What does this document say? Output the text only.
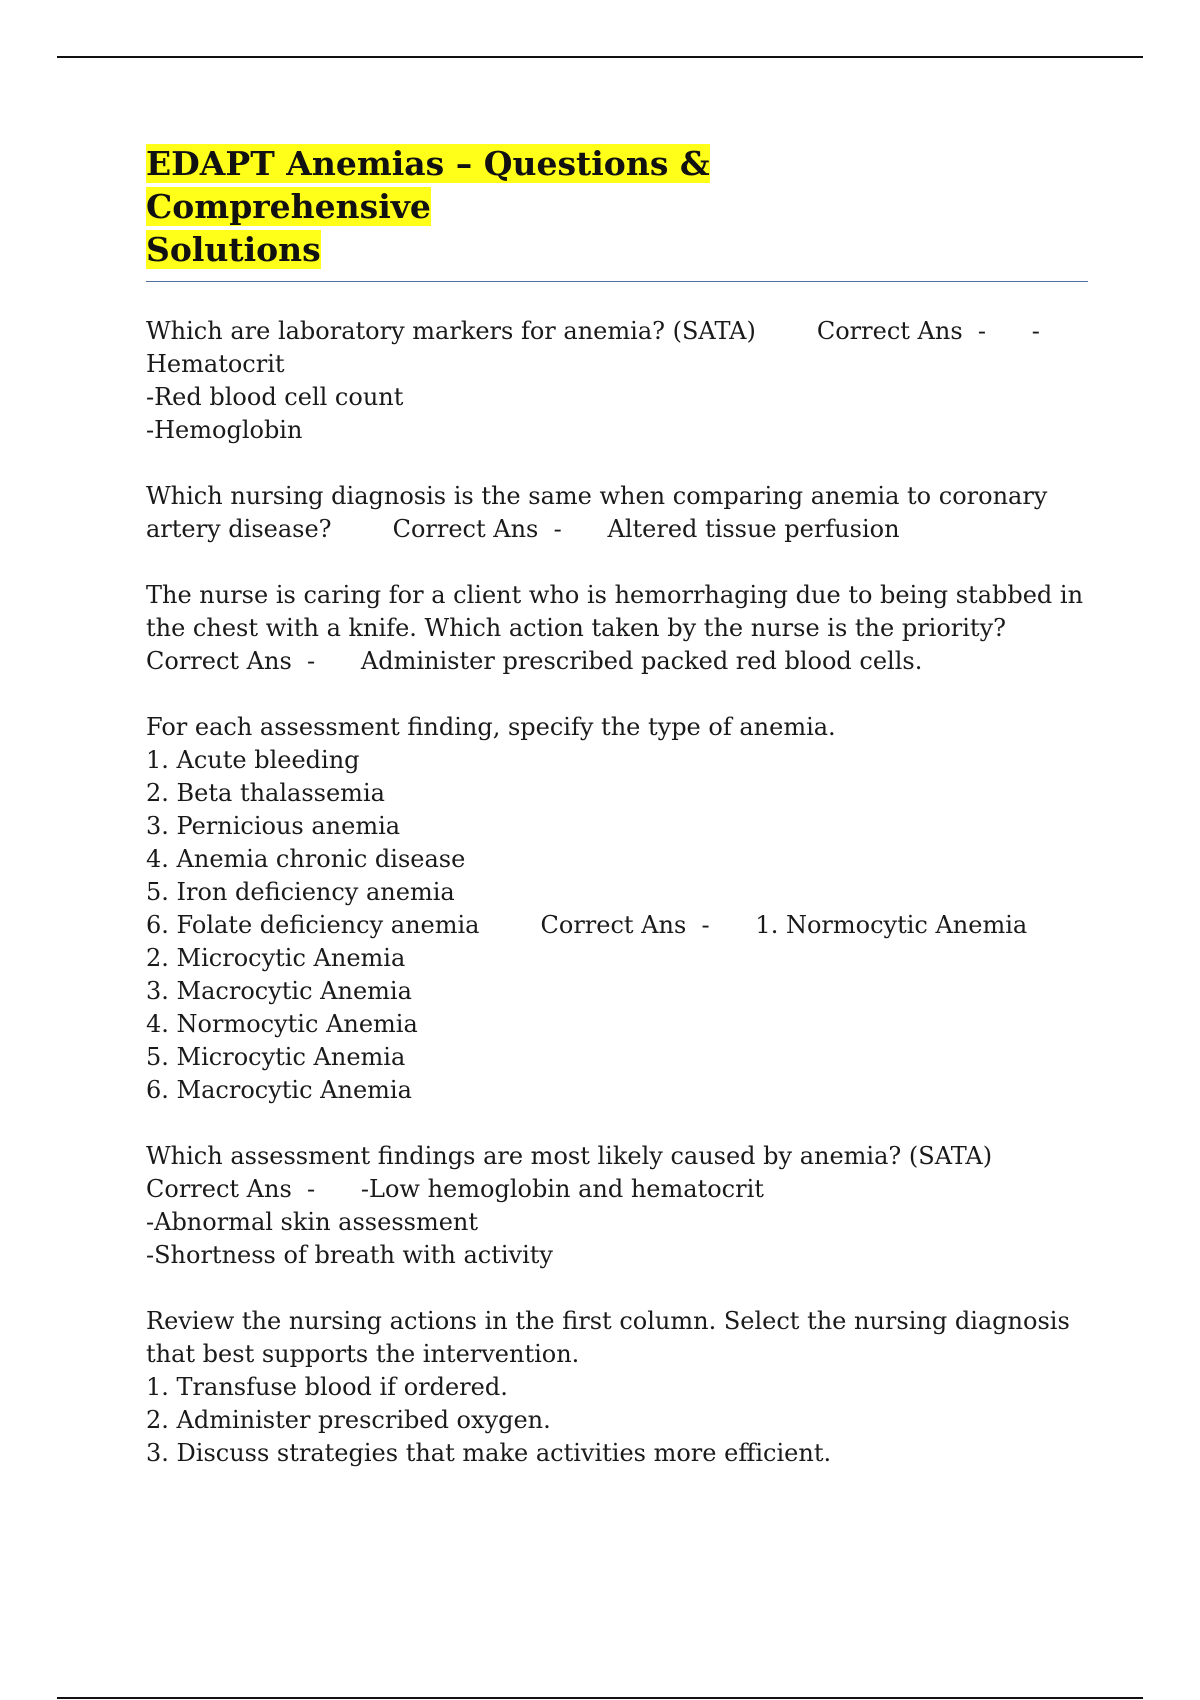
EDAPT Anemias – Questions & Comprehensive
Solutions

Which are laboratory markers for anemia? (SATA)        Correct Ans  -      -
Hematocrit
-Red blood cell count
-Hemoglobin

Which nursing diagnosis is the same when comparing anemia to coronary
artery disease?        Correct Ans  -      Altered tissue perfusion

The nurse is caring for a client who is hemorrhaging due to being stabbed in
the chest with a knife. Which action taken by the nurse is the priority?
Correct Ans  -      Administer prescribed packed red blood cells.

For each assessment finding, specify the type of anemia.
1. Acute bleeding
2. Beta thalassemia
3. Pernicious anemia
4. Anemia chronic disease
5. Iron deficiency anemia
6. Folate deficiency anemia        Correct Ans  -      1. Normocytic Anemia
2. Microcytic Anemia
3. Macrocytic Anemia
4. Normocytic Anemia
5. Microcytic Anemia
6. Macrocytic Anemia

Which assessment findings are most likely caused by anemia? (SATA)
Correct Ans  -      -Low hemoglobin and hematocrit
-Abnormal skin assessment
-Shortness of breath with activity

Review the nursing actions in the first column. Select the nursing diagnosis
that best supports the intervention.
1. Transfuse blood if ordered.
2. Administer prescribed oxygen.
3. Discuss strategies that make activities more efficient.
